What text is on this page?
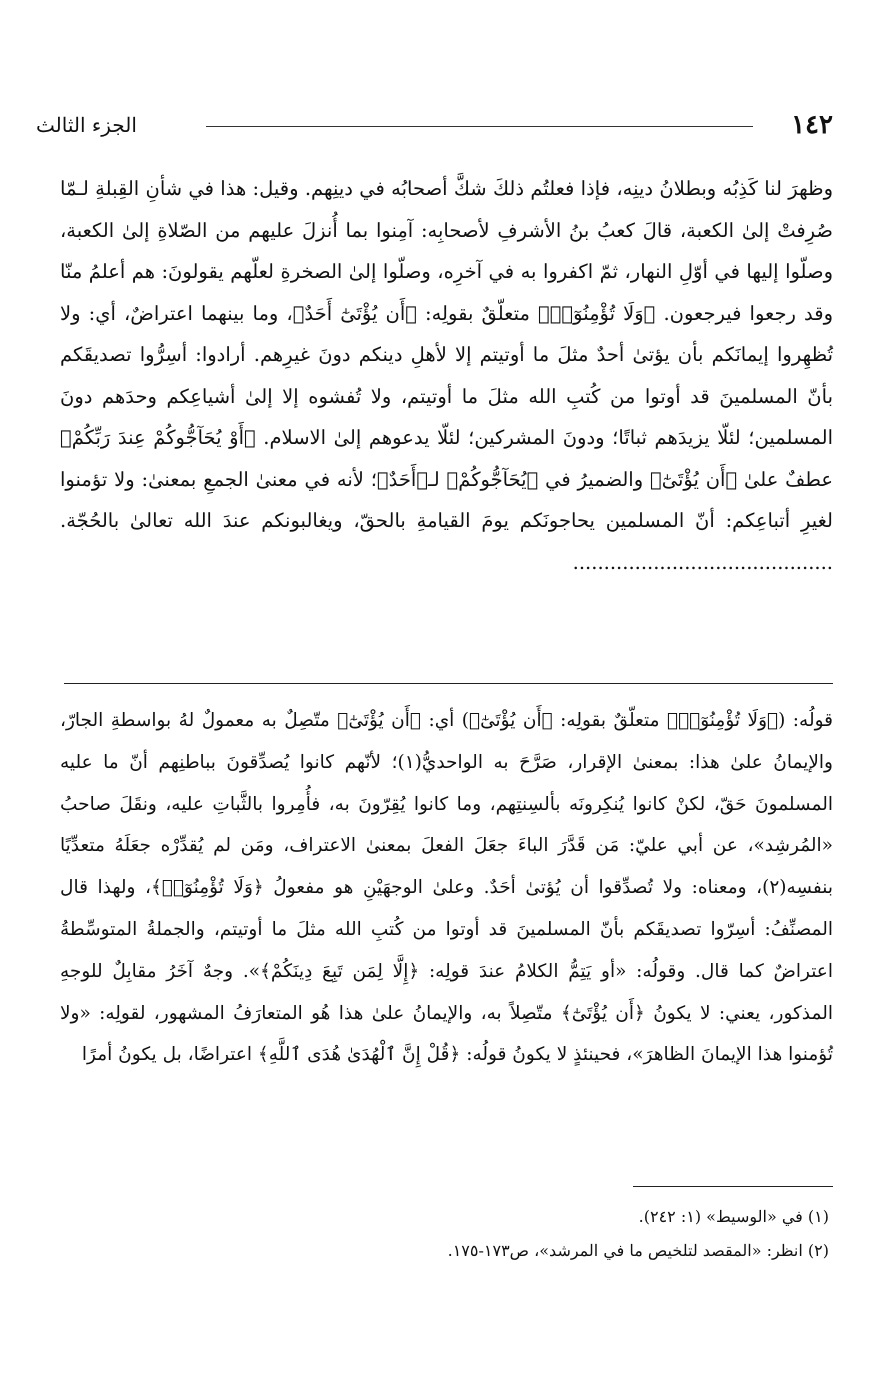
١٤٢
الجزء الثالث

وظهرَ لنا كَذِبُه وبطلانُ دينِه، فإذا فعلتُم ذلكَ شكَّ أصحابُه في دينِهم. وقيل: هذا في شأنِ القِبلةِ لـمّا صُرِفتْ إلىٰ الكعبة، قالَ كعبُ بنُ الأشرفِ لأصحابِه: آمِنوا بما أُنزلَ عليهم من الصّلاةِ إلىٰ الكعبة، وصلّوا إليها في أوّلِ النهار، ثمّ اكفروا به في آخرِه، وصلّوا إلىٰ الصخرةِ لعلّهم يقولونَ: هم أعلمُ منّا وقد رجعوا فيرجعون. ﴿وَلَا تُؤْمِنُوٓا۟﴾ متعلّقٌ بقولِه: ﴿أَن يُؤْتَىٰٓ أَحَدٌ﴾، وما بينهما اعتراضٌ، أي: ولا تُظهِروا إيمانَكم بأن يؤتىٰ أحدٌ مثلَ ما أوتيتم إلا لأهلِ دينكم دونَ غيرِهم. أرادوا: أسِرُّوا تصديقَكم بأنّ المسلمينَ قد أوتوا من كُتبِ الله مثلَ ما أوتيتم، ولا تُفشوه إلا إلىٰ أشياعِكم وحدَهم دونَ المسلمين؛ لئلّا يزيدَهم ثباتًا؛ ودونَ المشركين؛ لئلّا يدعوهم إلىٰ الاسلام. ﴿أَوْ يُحَآجُّوكُمْ عِندَ رَبِّكُمْ﴾ عطفٌ علىٰ ﴿أَن يُؤْتَىٰٓ﴾ والضميرُ في ﴿يُحَآجُّوكُمْ﴾ لـ﴿أَحَدٌ﴾؛ لأنه في معنىٰ الجمعِ بمعنىٰ: ولا تؤمنوا لغيرِ أتباعِكم: أنّ المسلمين يحاجونَكم يومَ القيامةِ بالحقّ، ويغالبونكم عندَ الله تعالىٰ بالحُجّة. ..........................................

قولُه: (﴿وَلَا تُؤْمِنُوٓا۟﴾ متعلّقٌ بقولِه: ﴿أَن يُؤْتَىٰٓ﴾) أي: ﴿أَن يُؤْتَىٰٓ﴾ متّصِلٌ به معمولٌ لهُ بواسطةِ الجارّ، والإيمانُ علىٰ هذا: بمعنىٰ الإقرار، صَرَّحَ به الواحديُّ(١)؛ لأنّهم كانوا يُصدِّقونَ بباطنِهم أنّ ما عليه المسلمونَ حَقّ، لكنْ كانوا يُنكِرونَه بألسِنتِهم، وما كانوا يُقِرّونَ به، فأُمِروا بالثَّباتِ عليه، ونقَلَ صاحبُ «المُرشِد»، عن أبي عليّ: مَن قَدَّرَ الباءَ جعَلَ الفعلَ بمعنىٰ الاعتراف، ومَن لم يُقدِّرْه جعَلَهُ متعدِّيًا بنفسِه(٢)، ومعناه: ولا تُصدِّقوا أن يُؤتىٰ أحَدٌ. وعلىٰ الوجهَيْنِ هو مفعولُ ﴿وَلَا تُؤْمِنُوٓا۟﴾، ولهذا قال المصنِّفُ: أسِرّوا تصديقَكم بأنّ المسلمينَ قد أوتوا من كُتبِ الله مثلَ ما أوتيتم، والجملةُ المتوسِّطةُ اعتراضٌ كما قال. وقولُه: «أو يَتِمُّ الكلامُ عندَ قولِه: ﴿إِلَّا لِمَن تَبِعَ دِينَكُمْ﴾». وجهٌ آخَرُ مقابِلٌ للوجهِ المذكور، يعني: لا يكونُ ﴿أَن يُؤْتَىٰٓ﴾ متّصِلاً به، والإيمانُ علىٰ هذا هُو المتعارَفُ المشهور، لقولِه: «ولا تُؤمنوا هذا الإيمانَ الظاهرَ»، فحينئذٍ لا يكونُ قولُه: ﴿قُلْ إِنَّ ٱلْهُدَىٰ هُدَى ٱللَّهِ﴾ اعتراضًا، بل يكونُ أمرًا

(١) في «الوسيط» (١: ٢٤٢).

(٢) انظر: «المقصد لتلخيص ما في المرشد»، ص١٧٣-١٧٥.
